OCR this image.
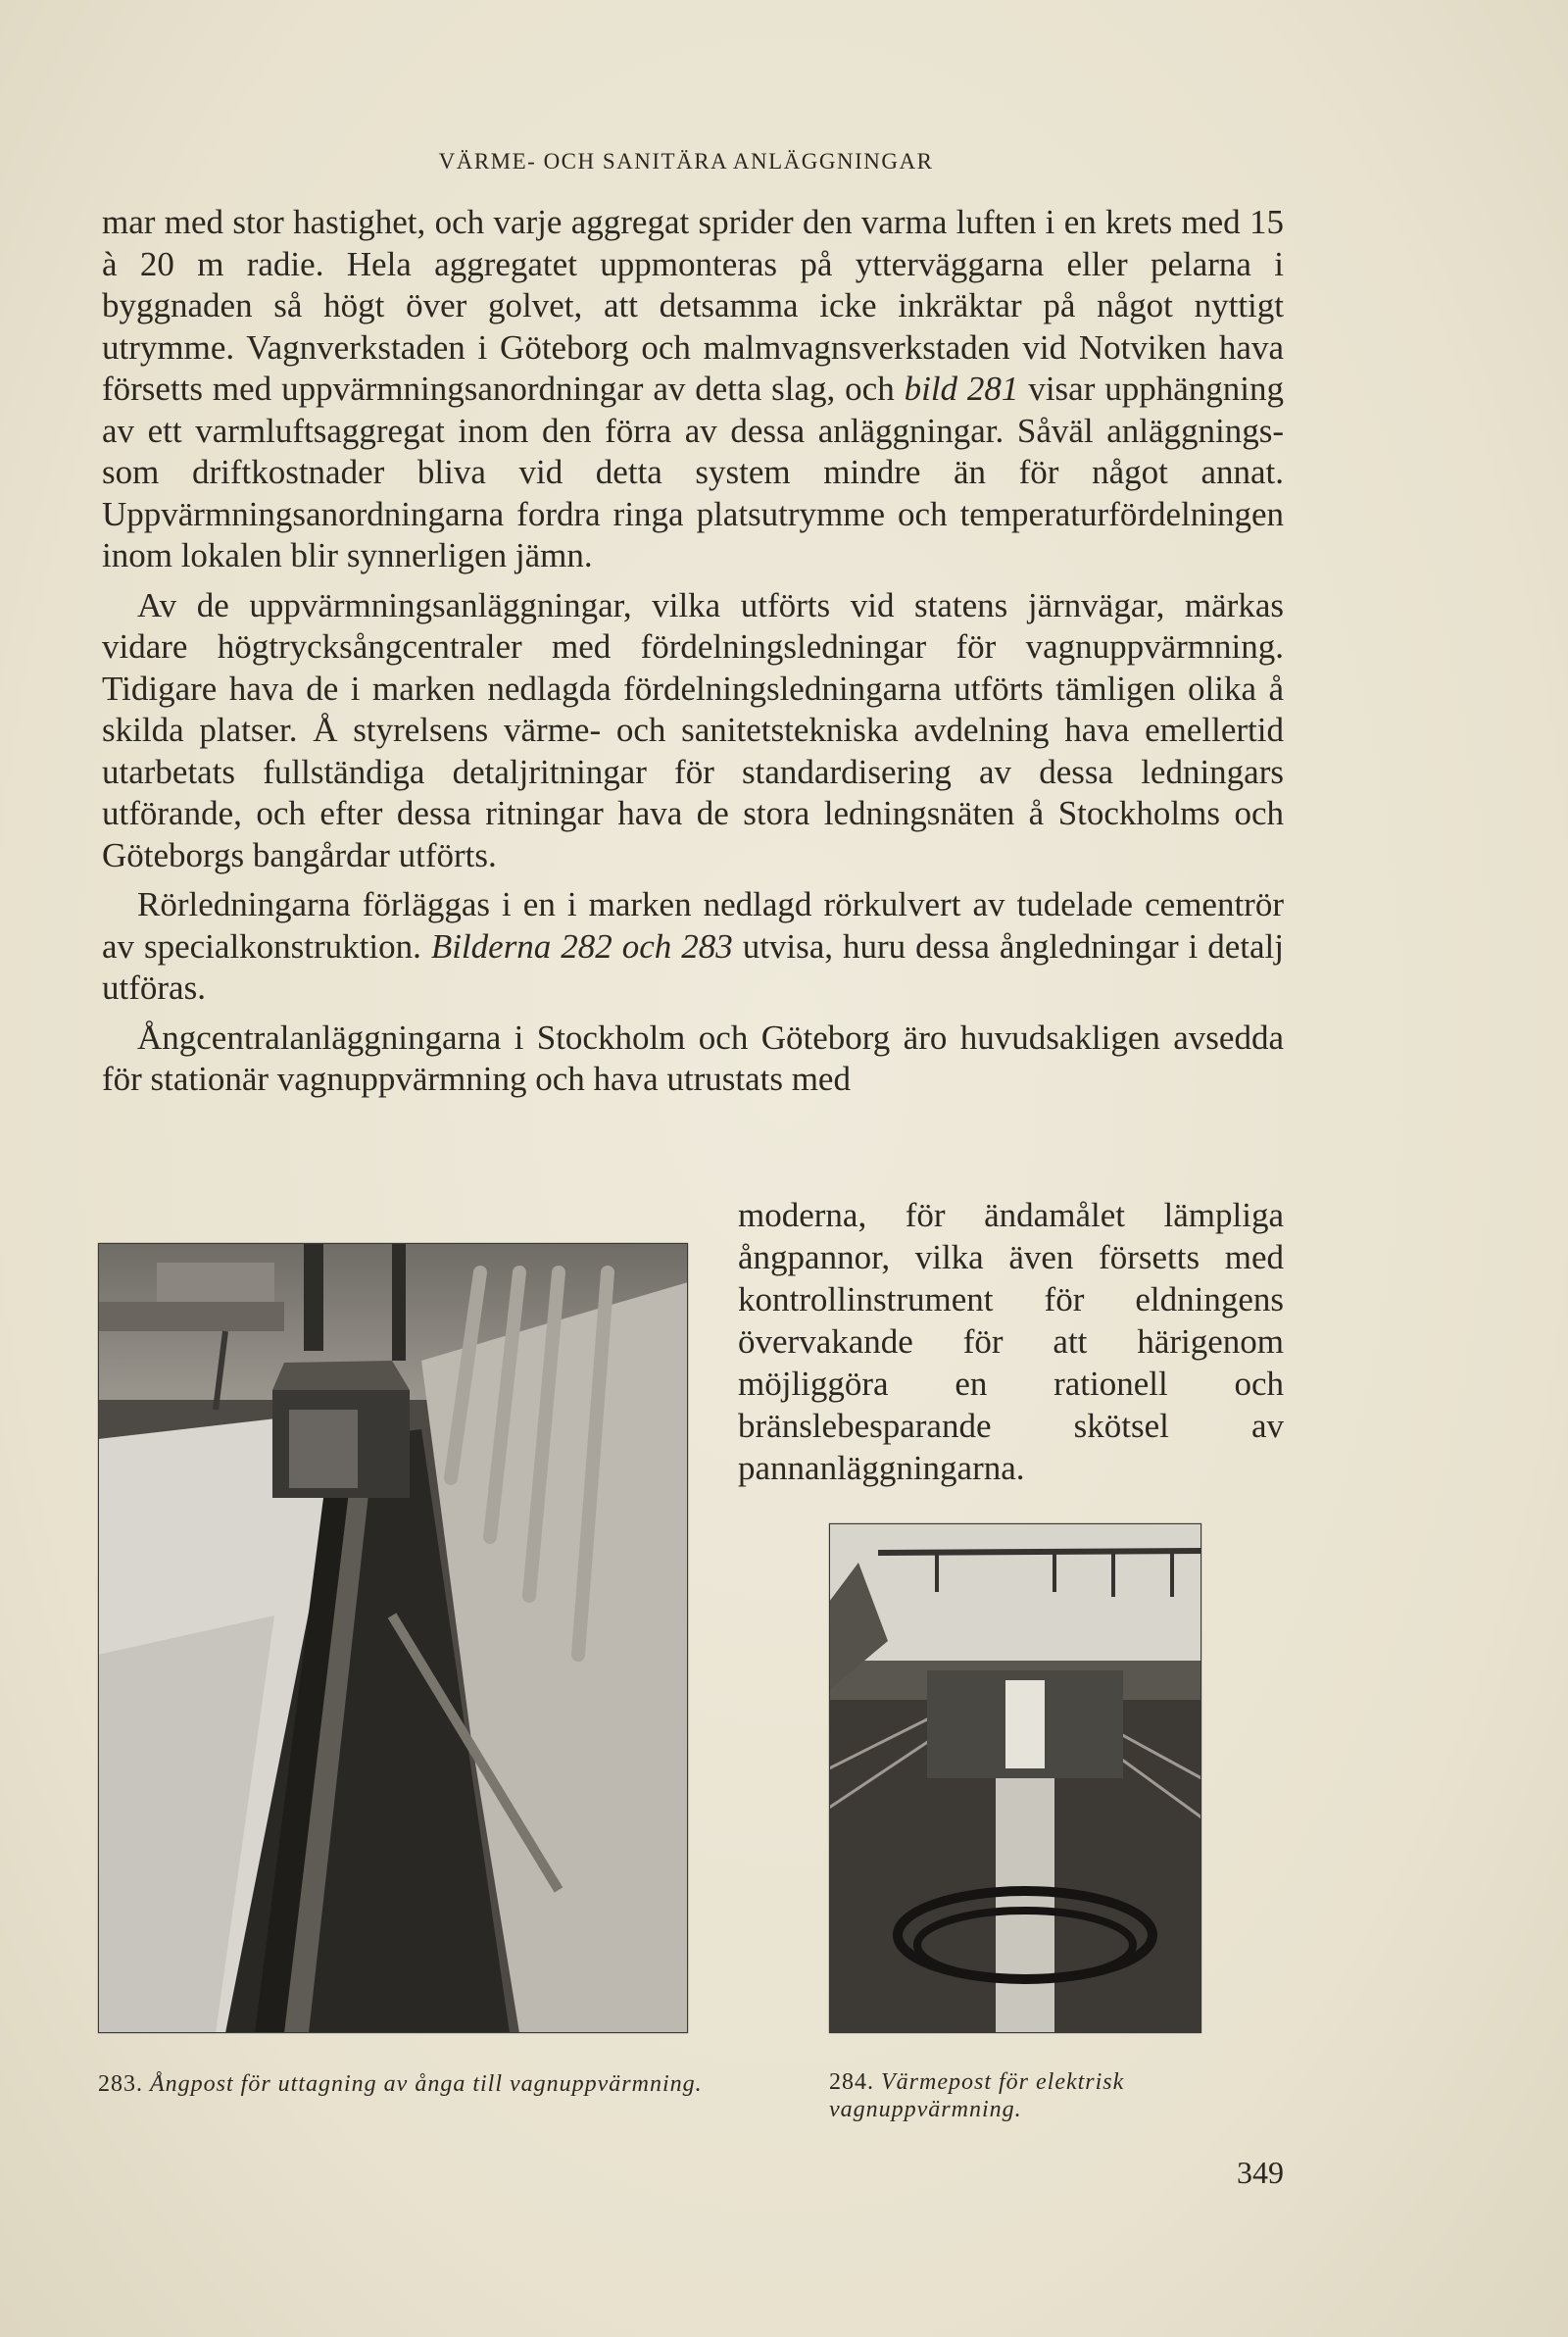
VÄRME- OCH SANITÄRA ANLÄGGNINGAR

mar med stor hastighet, och varje aggregat sprider den varma luften i en krets med 15 à 20 m radie. Hela aggregatet uppmonteras på ytterväggarna eller pelarna i byggnaden så högt över golvet, att detsamma icke inkräktar på något nyttigt utrymme. Vagnverkstaden i Göteborg och malmvagnsverkstaden vid Notviken hava försetts med uppvärmningsanordningar av detta slag, och bild 281 visar upphängning av ett varmluftsaggregat inom den förra av dessa anläggningar. Såväl anläggnings- som driftkostnader bliva vid detta system mindre än för något annat. Uppvärmningsanordningarna fordra ringa platsutrymme och temperaturfördelningen inom lokalen blir synnerligen jämn.

Av de uppvärmningsanläggningar, vilka utförts vid statens järnvägar, märkas vidare högtrycksångcentraler med fördelningsledningar för vagnuppvärmning. Tidigare hava de i marken nedlagda fördelningsledningarna utförts tämligen olika å skilda platser. Å styrelsens värme- och sanitetstekniska avdelning hava emellertid utarbetats fullständiga detaljritningar för standardisering av dessa ledningars utförande, och efter dessa ritningar hava de stora ledningsnäten å Stockholms och Göteborgs bangårdar utförts.

Rörledningarna förläggas i en i marken nedlagd rörkulvert av tudelade cementrör av specialkonstruktion. Bilderna 282 och 283 utvisa, huru dessa ångledningar i detalj utföras.

Ångcentralanläggningarna i Stockholm och Göteborg äro huvudsakligen avsedda för stationär vagnuppvärmning och hava utrustats med

moderna, för ändamålet lämpliga ångpannor, vilka även försetts med kontrollinstrument för eldningens övervakande för att härigenom möjliggöra en rationell och bränslebesparande skötsel av pannanläggningarna.
283. Ångpost för uttagning av ånga till vagnuppvärmning.	284. Värmepost för elektrisk vagnuppvärmning.
349
